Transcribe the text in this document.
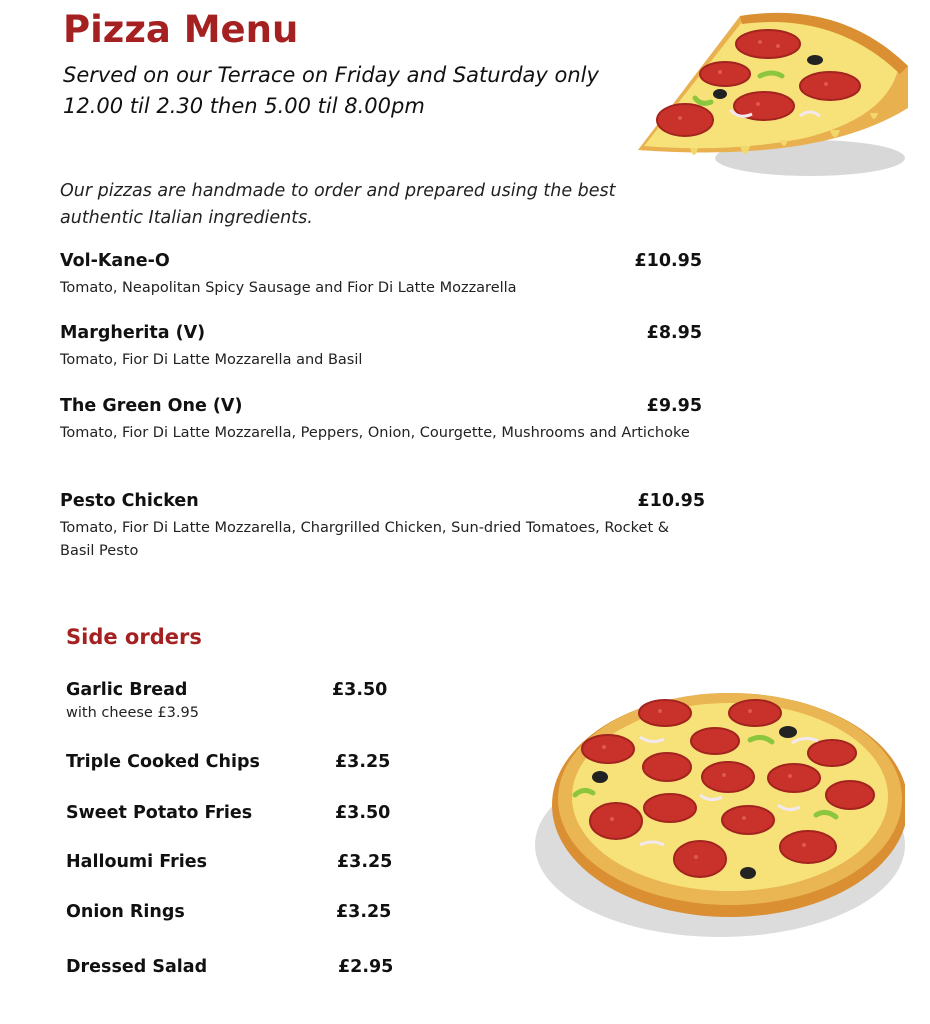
Pizza Menu
Served on our Terrace on Friday and Saturday only
12.00 til 2.30 then 5.00 til 8.00pm
Our pizzas are handmade to order and prepared using the best authentic Italian ingredients.
Vol-Kane-O	£10.95
Tomato, Neapolitan Spicy Sausage and Fior Di Latte Mozzarella
Margherita (V)	£8.95
Tomato, Fior Di Latte Mozzarella and Basil
The Green One (V)	£9.95
Tomato, Fior Di Latte Mozzarella, Peppers, Onion, Courgette, Mushrooms and Artichoke
Pesto Chicken	£10.95
Tomato, Fior Di Latte Mozzarella, Chargrilled Chicken, Sun-dried Tomatoes, Rocket & Basil Pesto
Side orders
Garlic Bread	£3.50
with cheese £3.95
Triple Cooked Chips	£3.25
Sweet Potato Fries	£3.50
Halloumi Fries	£3.25
Onion Rings	£3.25
Dressed Salad	£2.95
